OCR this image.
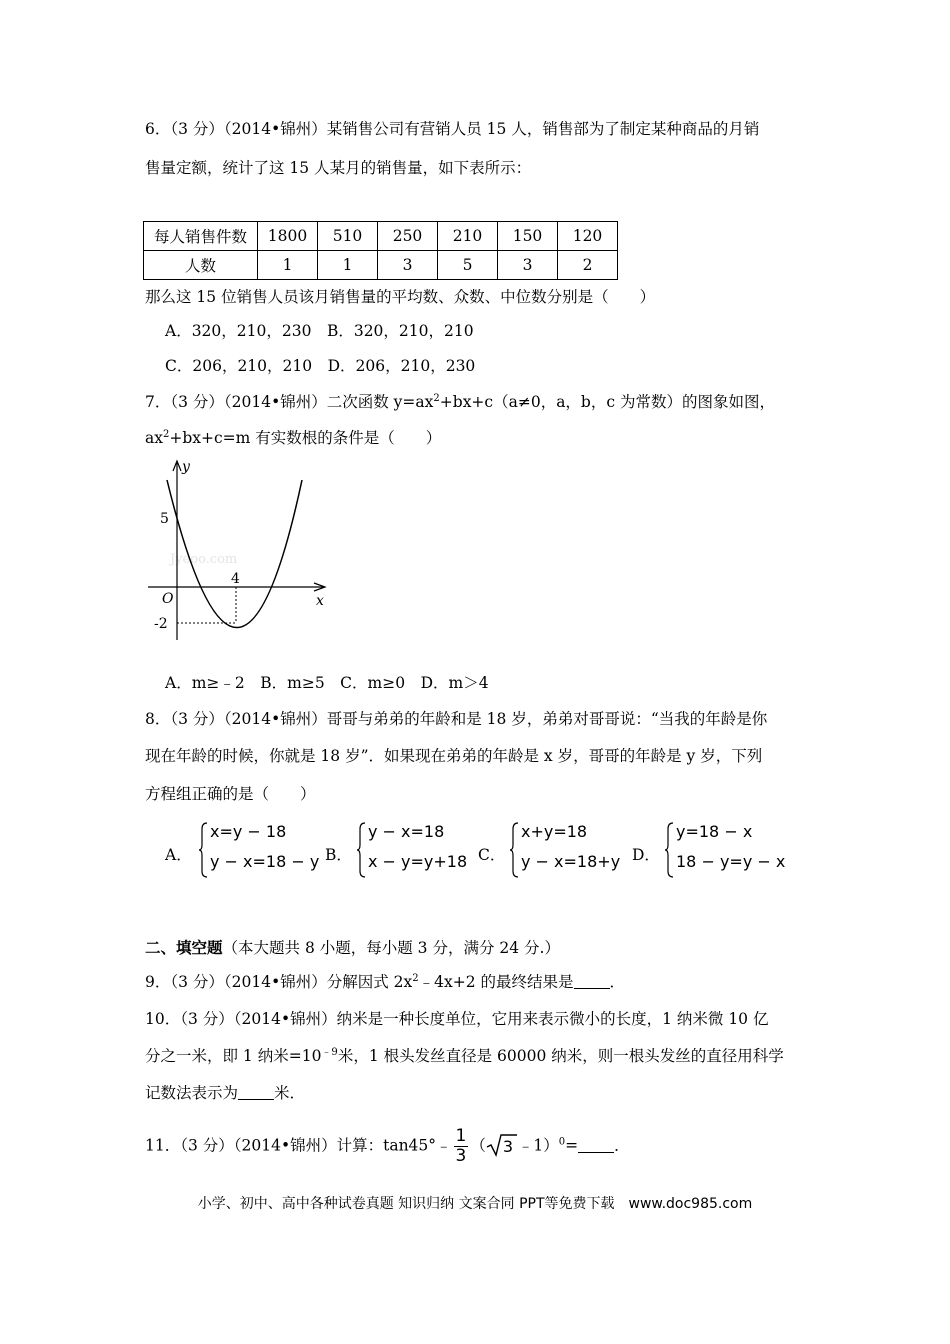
6．（3 分）（2014•锦州）某销售公司有营销人员 15 人，销售部为了制定某种商品的月销
售量定额，统计了这 15 人某月的销售量，如下表所示：
每人销售件数	1800	510	250	210	150	120
人数	1	1	3	5	3	2
那么这 15 位销售人员该月销售量的平均数、众数、中位数分别是（　　）
A．320，210，230　B．320，210，210
C．206，210，210　D．206，210，230
7．（3 分）（2014•锦州）二次函数 $y=ax^2+bx+c(a\ne 0$，a，b，c 为常数）的图象如图，
$ax^2+bx+c=m$ 有实数根的条件是（　　）
Jyeoo.com
y
x
O
5
4
-2
A．m≥﹣2　B．m≥5　C．m≥0　D．m＞4
8．（3 分）（2014•锦州）哥哥与弟弟的年龄和是 18 岁，弟弟对哥哥说：“当我的年龄是你
现在年龄的时候，你就是 18 岁”．如果现在弟弟的年龄是 x 岁，哥哥的年龄是 y 岁，下列
方程组正确的是（　　）
A．
x=y − 18
y − x=18 − y B．
y − x=18
x − y=y+18 C．
x+y=18
y − x=18+y D．
y=18 − x
18 − y=y − x
二、填空题（本大题共 8 小题，每小题 3 分，满分 24 分.）
9．（3 分）（2014•锦州）分解因式 $2x^2﹣4x+2$ 的最终结果是 ．
10．（3 分）（2014•锦州）纳米是一种长度单位，它用来表示微小的长度，1 纳米微 10 亿
分之一米，即 1 纳米$=10^{﹣9}$米，1 根头发丝直径是 60000 纳米，则一根头发丝的直径用科学
记数法表示为 米．
11．（3 分）（2014•锦州）计算：tan45°﹣ $\frac{1}{3}$ （ 3 ﹣1）$^0$= ．
小学、初中、高中各种试卷真题 知识归纳 文案合同 PPT等免费下载　www.doc985.com
